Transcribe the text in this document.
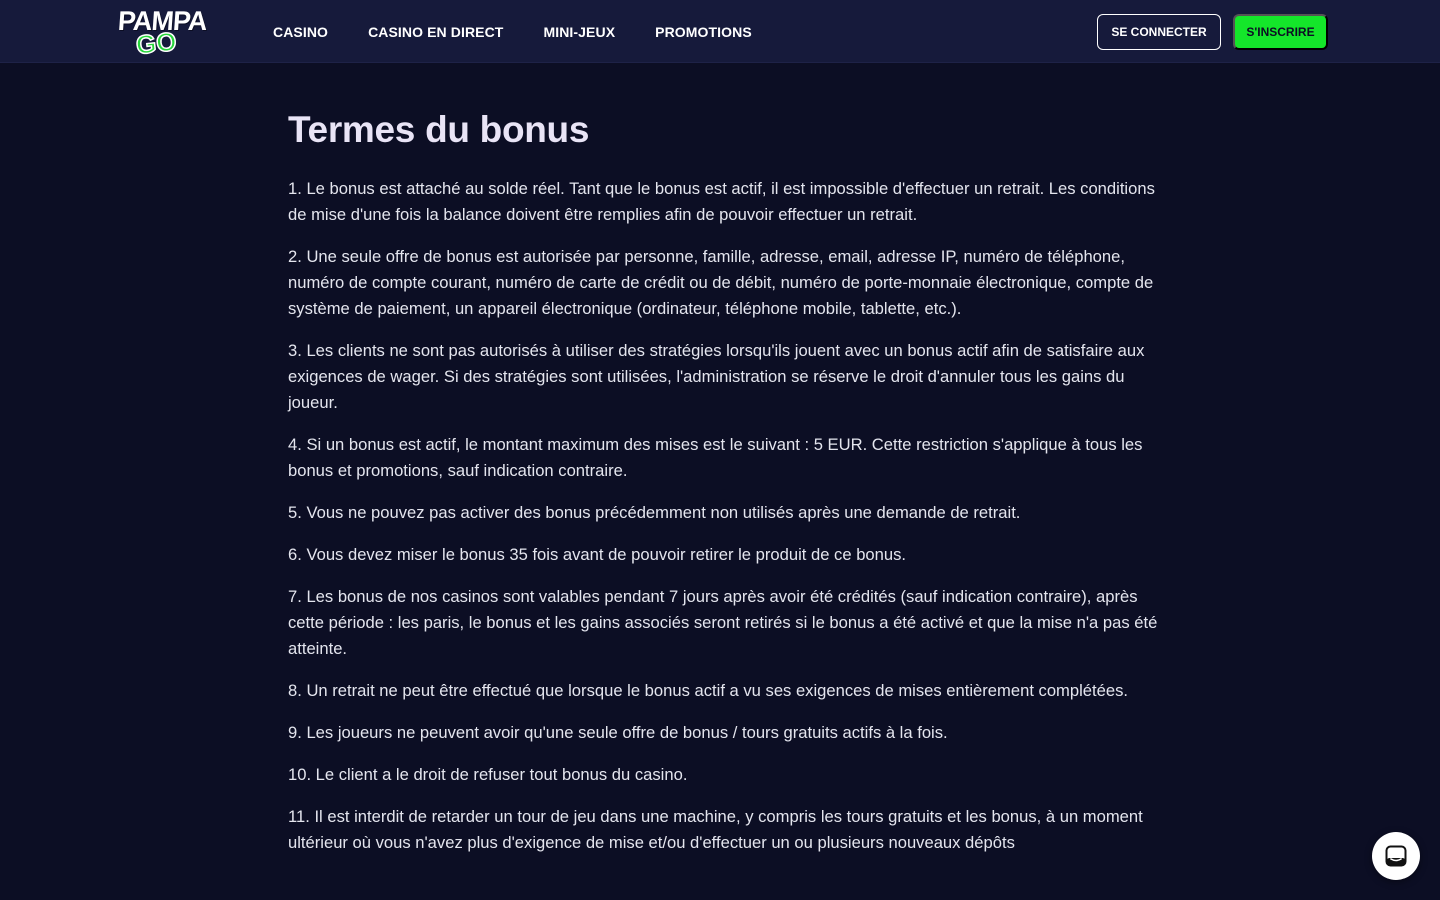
PAMPA
GO	CASINO	CASINO EN DIRECT	MINI-JEUX	PROMOTIONS	SE CONNECTER	S'INSCRIRE
Termes du bonus

1. Le bonus est attaché au solde réel. Tant que le bonus est actif, il est impossible d'effectuer un retrait. Les conditions de mise d'une fois la balance doivent être remplies afin de pouvoir effectuer un retrait.

2. Une seule offre de bonus est autorisée par personne, famille, adresse, email, adresse IP, numéro de téléphone, numéro de compte courant, numéro de carte de crédit ou de débit, numéro de porte-monnaie électronique, compte de système de paiement, un appareil électronique (ordinateur, téléphone mobile, tablette, etc.).

3. Les clients ne sont pas autorisés à utiliser des stratégies lorsqu'ils jouent avec un bonus actif afin de satisfaire aux exigences de wager. Si des stratégies sont utilisées, l'administration se réserve le droit d'annuler tous les gains du joueur.

4. Si un bonus est actif, le montant maximum des mises est le suivant : 5 EUR. Cette restriction s'applique à tous les bonus et promotions, sauf indication contraire.

5. Vous ne pouvez pas activer des bonus précédemment non utilisés après une demande de retrait.

6. Vous devez miser le bonus 35 fois avant de pouvoir retirer le produit de ce bonus.

7. Les bonus de nos casinos sont valables pendant 7 jours après avoir été crédités (sauf indication contraire), après cette période : les paris, le bonus et les gains associés seront retirés si le bonus a été activé et que la mise n'a pas été atteinte.

8. Un retrait ne peut être effectué que lorsque le bonus actif a vu ses exigences de mises entièrement complétées.

9. Les joueurs ne peuvent avoir qu'une seule offre de bonus / tours gratuits actifs à la fois.

10. Le client a le droit de refuser tout bonus du casino.

11. Il est interdit de retarder un tour de jeu dans une machine, y compris les tours gratuits et les bonus, à un moment ultérieur où vous n'avez plus d'exigence de mise et/ou d'effectuer un ou plusieurs nouveaux dépôts
